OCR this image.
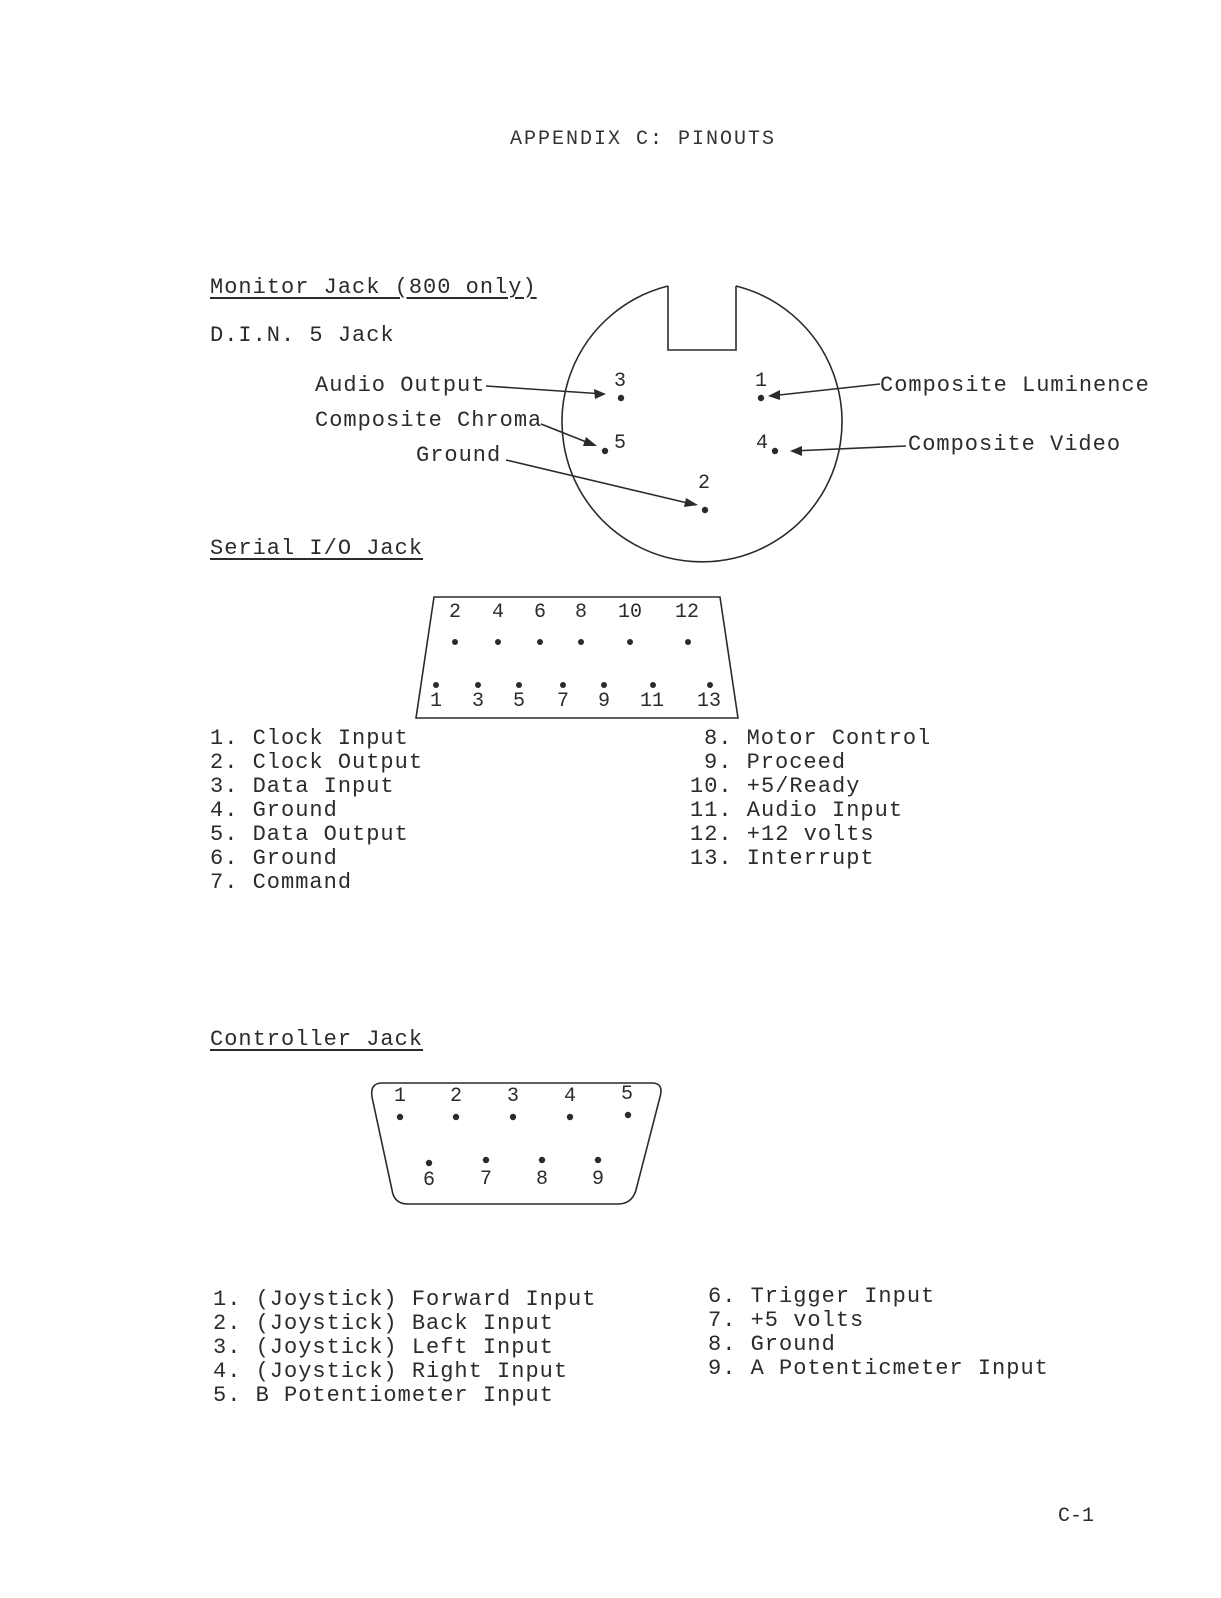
APPENDIX C: PINOUTS
Monitor Jack (800 only)
D.I.N. 5 Jack
Audio Output
Composite Chroma
Ground
Composite Luminence
Composite Video
1
2
3
4
5
Serial I/O Jack
2 4 6 8 10 12
1 3 5 7 9 11 13
1. Clock Input
2. Clock Output
3. Data Input
4. Ground
5. Data Output
6. Ground
7. Command
8. Motor Control
9. Proceed
10. +5/Ready
11. Audio Input
12. +12 volts
13. Interrupt
Controller Jack
1 2 3 4 5
6 7 8 9
1. (Joystick) Forward Input
2. (Joystick) Back Input
3. (Joystick) Left Input
4. (Joystick) Right Input
5. B Potentiometer Input
6. Trigger Input
7. +5 volts
8. Ground
9. A Potenticmeter Input
C-1
